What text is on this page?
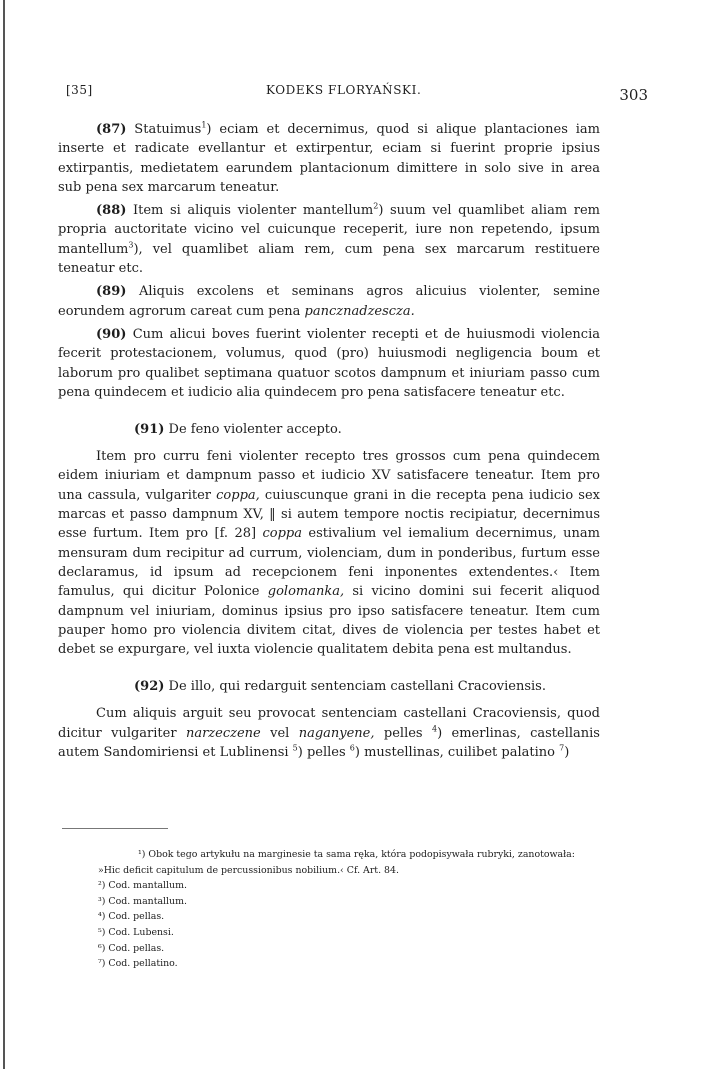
[35]	KODEKS FLORYAŃSKI.	303

(87) Statuimus$^1$) eciam et decernimus, quod si alique plantaciones iam inserte et radicate evellantur et extirpentur, eciam si fuerint proprie ipsius extirpantis, medietatem earundem plantacionum dimittere in solo sive in area sub pena sex marcarum teneatur.

(88) Item si aliquis violenter mantellum$^2$) suum vel quamlibet aliam rem propria auctoritate vicino vel cuicunque receperit, iure non repetendo, ipsum mantellum$^3$), vel quamlibet aliam rem, cum pena sex marcarum restituere teneatur etc.

(89) Aliquis excolens et seminans agros alicuius violenter, semine eorundem agrorum careat cum pena pancznadzescza.

(90) Cum alicui boves fuerint violenter recepti et de huiusmodi violencia fecerit protestacionem, volumus, quod (pro) huiusmodi negligencia boum et laborum pro qualibet septimana quatuor scotos dampnum et iniuriam passo cum pena quindecem et iudicio alia quindecem pro pena satisfacere teneatur etc.

(91) De feno violenter accepto.

Item pro curru feni violenter recepto tres grossos cum pena quindecem eidem iniuriam et dampnum passo et iudicio XV satisfacere teneatur. Item pro una cassula, vulgariter coppa, cuiuscunque grani in die recepta pena iudicio sex marcas et passo dampnum XV, ‖ si autem tempore noctis recipiatur, decernimus esse furtum. Item pro [f. 28] coppa estivalium vel iemalium decernimus, unam mensuram dum recipitur ad currum, violenciam, dum in ponderibus, furtum esse declaramus, id ipsum ad recepcionem feni inponentes extendentes.‹ Item famulus, qui dicitur Polonice golomanka, si vicino domini sui fecerit aliquod dampnum vel iniuriam, dominus ipsius pro ipso satisfacere teneatur. Item cum pauper homo pro violencia divitem citat, dives de violencia per testes habet et debet se expurgare, vel iuxta violencie qualitatem debita pena est multandus.

(92) De illo, qui redarguit sentenciam castellani Cracoviensis.

Cum aliquis arguit seu provocat sentenciam castellani Cracoviensis, quod dicitur vulgariter narzeczene vel naganyene, pelles $^4$) emerlinas, castellanis autem Sandomiriensi et Lublinensi $^5$) pelles $^6$) mustellinas, cuilibet palatino $^7$)

¹) Obok tego artykułu na marginesie ta sama ręka, która podopisywała rubryki, zanotowała: »Hic deficit capitulum de percussionibus nobilium.‹ Cf. Art. 84.

²) Cod. mantallum.

³) Cod. mantallum.

⁴) Cod. pellas.

⁵) Cod. Lubensi.

⁶) Cod. pellas.

⁷) Cod. pellatino.
